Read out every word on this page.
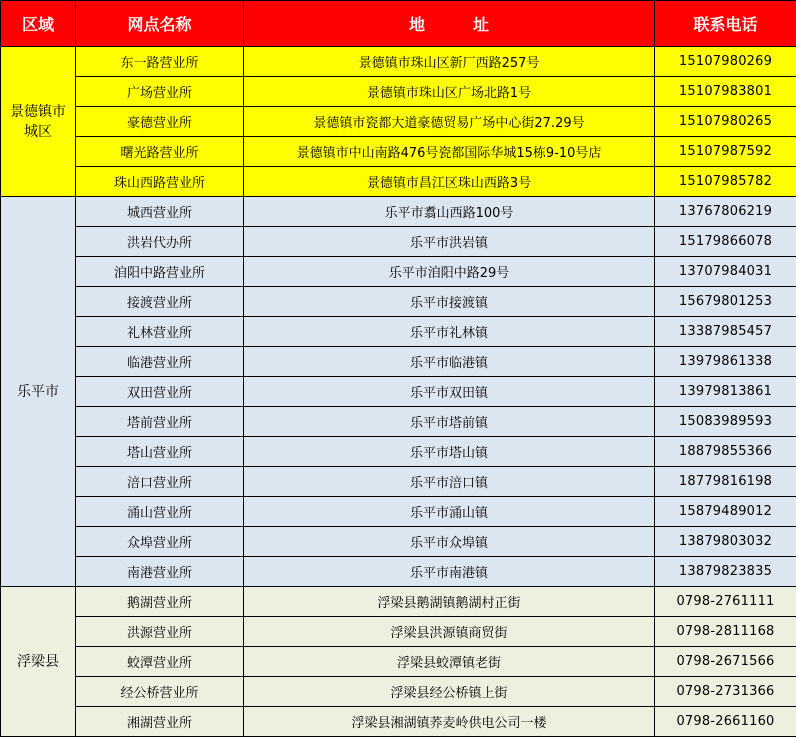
区域	网点名称	地　　　址	联系电话
景德镇市城区	东一路营业所	景德镇市珠山区新厂西路257号	15107980269
	广场营业所	景德镇市珠山区广场北路1号	15107983801
	豪德营业所	景德镇市瓷都大道豪德贸易广场中心街27.29号	15107980265
	曙光路营业所	景德镇市中山南路476号瓷都国际华城15栋9-10号店	15107987592
	珠山西路营业所	景德镇市昌江区珠山西路3号	15107985782
乐平市	城西营业所	乐平市翥山西路100号	13767806219
	洪岩代办所	乐平市洪岩镇	15179866078
	洎阳中路营业所	乐平市洎阳中路29号	13707984031
	接渡营业所	乐平市接渡镇	15679801253
	礼林营业所	乐平市礼林镇	13387985457
	临港营业所	乐平市临港镇	13979861338
	双田营业所	乐平市双田镇	13979813861
	塔前营业所	乐平市塔前镇	15083989593
	塔山营业所	乐平市塔山镇	18879855366
	涪口营业所	乐平市涪口镇	18779816198
	涌山营业所	乐平市涌山镇	15879489012
	众埠营业所	乐平市众埠镇	13879803032
	南港营业所	乐平市南港镇	13879823835
浮梁县	鹅湖营业所	浮梁县鹅湖镇鹅湖村正街	0798-2761111
	洪源营业所	浮梁县洪源镇商贸街	0798-2811168
	蛟潭营业所	浮梁县蛟潭镇老街	0798-2671566
	经公桥营业所	浮梁县经公桥镇上街	0798-2731366
	湘湖营业所	浮梁县湘湖镇荞麦岭供电公司一楼	0798-2661160
